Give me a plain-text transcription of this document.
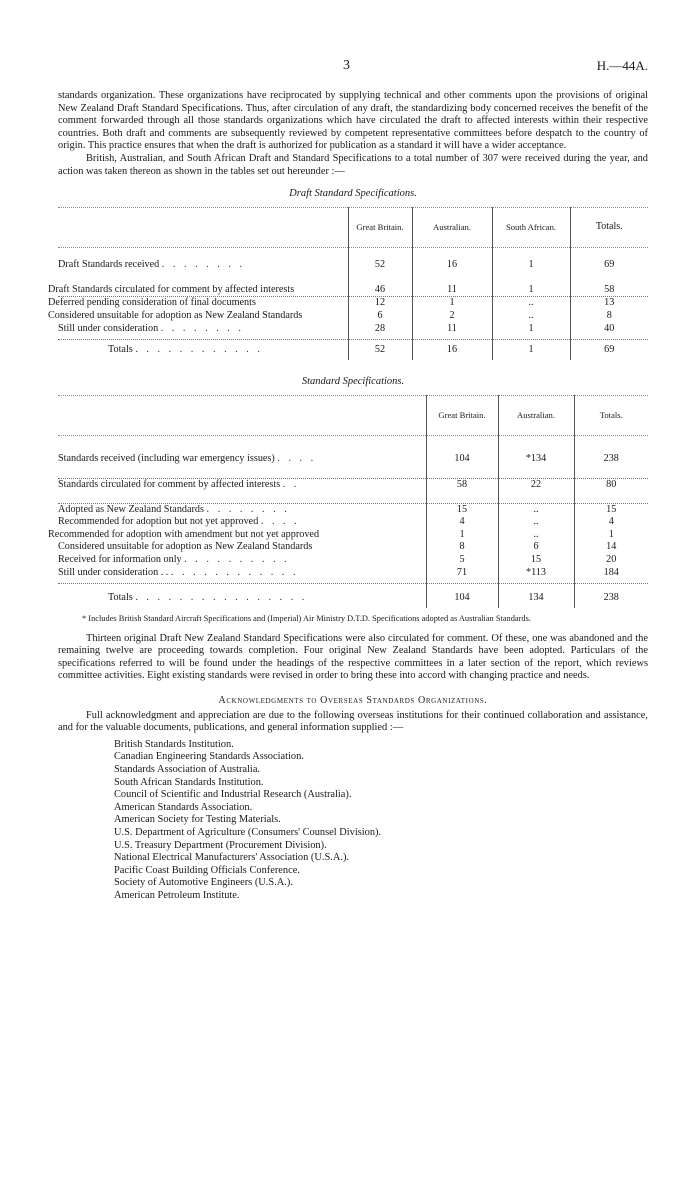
3	H.—44A.

standards organization. These organizations have reciprocated by supplying technical and other comments upon the provisions of original New Zealand Draft Standard Specifications. Thus, after circulation of any draft, the standardizing body concerned receives the benefit of the comment forwarded through all those standards organizations which have circulated the draft to affected interests within their respective countries. Both draft and comments are subsequently reviewed by competent representative committees before despatch to the country of origin. This practice ensures that when the draft is authorized for publication as a standard it will have a wider acceptance.

British, Australian, and South African Draft and Standard Specifications to a total number of 307 were received during the year, and action was taken thereon as shown in the tables set out hereunder :—

Draft Standard Specifications.
	Great Britain.	Australian.	South African.	Totals.

Draft Standards received . . . . . . . .	52	16	1	69

Draft Standards circulated for comment by affected interests	46	11	1	58
Deferred pending consideration of final documents	12	1	..	13
Considered unsuitable for adoption as New Zealand Standards	6	2	..	8
Still under consideration . . . . . . . .	28	11	1	40

Totals . . . . . . . . . . . .	52	16	1	69
Standard Specifications.
	Great Britain.	Australian.	Totals.

Standards received (including war emergency issues) . . . .	104	*134	238

Standards circulated for comment by affected interests . .	58	22	80

Adopted as New Zealand Standards . . . . . . . .	15	..	15
Recommended for adoption but not yet approved . . . .	4	..	4
Recommended for adoption with amendment but not yet approved	1	..	1
Considered unsuitable for adoption as New Zealand Standards	8	6	14
Received for information only . . . . . . . . . .	5	15	20
Still under consideration . . . . . . . . . . . . . .	71	*113	184

Totals . . . . . . . . . . . . . . . .	104	134	238

* Includes British Standard Aircraft Specifications and (Imperial) Air Ministry D.T.D. Specifications adopted as Australian Standards.

Thirteen original Draft New Zealand Standard Specifications were also circulated for comment. Of these, one was abandoned and the remaining twelve are proceeding towards completion. Four original New Zealand Standards have been adopted. Particulars of the specifications referred to will be found under the headings of the respective committees in a later section of the report, which reviews committee activities. Eight existing standards were revised in order to bring these into accord with changing practice and needs.

Acknowledgments to Overseas Standards Organizations.

Full acknowledgment and appreciation are due to the following overseas institutions for their continued collaboration and assistance, and for the valuable documents, publications, and general information supplied :—

British Standards Institution.
Canadian Engineering Standards Association.
Standards Association of Australia.
South African Standards Institution.
Council of Scientific and Industrial Research (Australia).
American Standards Association.
American Society for Testing Materials.
U.S. Department of Agriculture (Consumers' Counsel Division).
U.S. Treasury Department (Procurement Division).
National Electrical Manufacturers' Association (U.S.A.).
Pacific Coast Building Officials Conference.
Society of Automotive Engineers (U.S.A.).
American Petroleum Institute.
